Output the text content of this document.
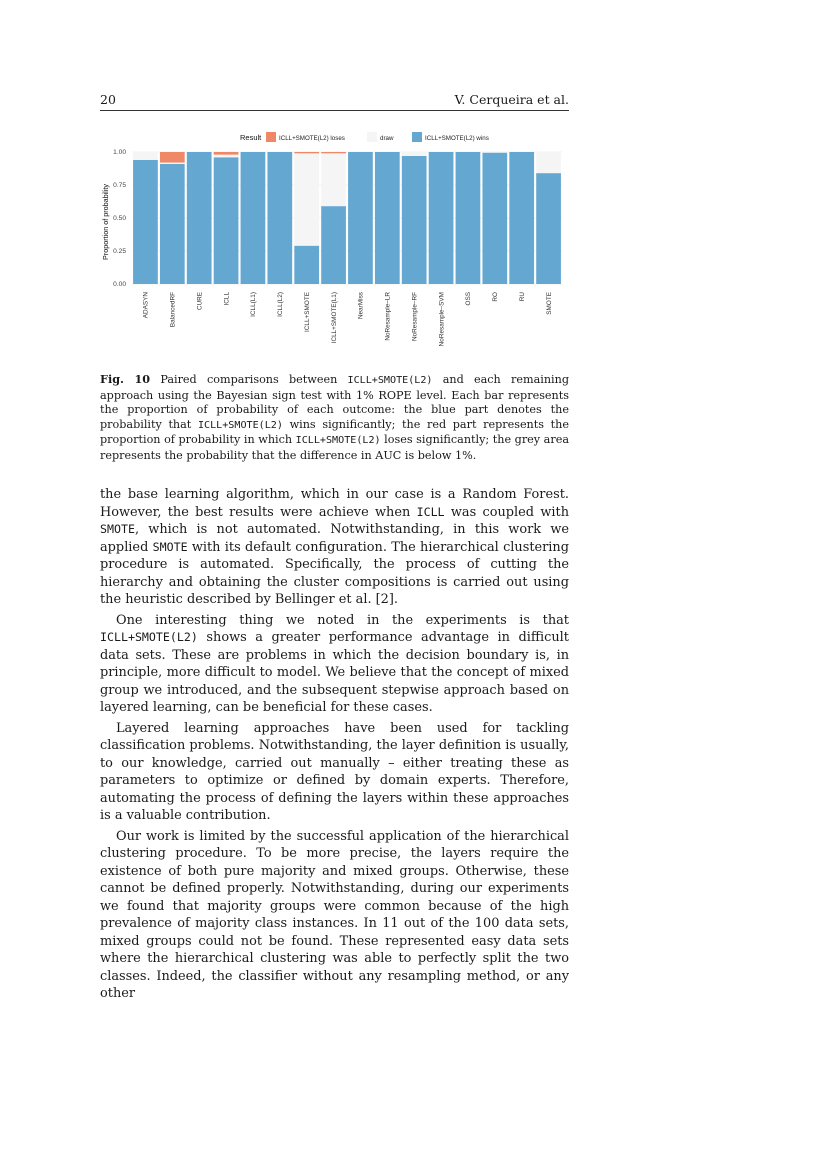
20	V. Cerqueira et al.
Result	ICLL+SMOTE(L2) loses	draw	ICLL+SMOTE(L2) wins
0.00
0.25
0.50
0.75
1.00
ADASYN	BalancedRF	CURE	ICLL	ICLL(L1)	ICLL(L2)	ICLL+SMOTE	ICLL+SMOTE(L1)	NearMiss	NoResample–LR	NoResample–RF	NoResample–SVM	OSS	RO	RU	SMOTE
Proportion of probability
Fig. 10 Paired comparisons between ICLL+SMOTE(L2) and each remaining approach using the Bayesian sign test with 1% ROPE level. Each bar represents the proportion of probability of each outcome: the blue part denotes the probability that ICLL+SMOTE(L2) wins significantly; the red part represents the proportion of probability in which ICLL+SMOTE(L2) loses significantly; the grey area represents the probability that the difference in AUC is below 1%.

the base learning algorithm, which in our case is a Random Forest. However, the best results were achieve when ICLL was coupled with SMOTE, which is not automated. Notwithstanding, in this work we applied SMOTE with its default configuration. The hierarchical clustering procedure is automated. Specifically, the process of cutting the hierarchy and obtaining the cluster compositions is carried out using the heuristic described by Bellinger et al. [2].

One interesting thing we noted in the experiments is that ICLL+SMOTE(L2) shows a greater performance advantage in difficult data sets. These are problems in which the decision boundary is, in principle, more difficult to model. We believe that the concept of mixed group we introduced, and the subsequent stepwise approach based on layered learning, can be beneficial for these cases.

Layered learning approaches have been used for tackling classification problems. Notwithstanding, the layer definition is usually, to our knowledge, carried out manually – either treating these as parameters to optimize or defined by domain experts. Therefore, automating the process of defining the layers within these approaches is a valuable contribution.

Our work is limited by the successful application of the hierarchical clustering procedure. To be more precise, the layers require the existence of both pure majority and mixed groups. Otherwise, these cannot be defined properly. Notwithstanding, during our experiments we found that majority groups were common because of the high prevalence of majority class instances. In 11 out of the 100 data sets, mixed groups could not be found. These represented easy data sets where the hierarchical clustering was able to perfectly split the two classes. Indeed, the classifier without any resampling method, or any other
